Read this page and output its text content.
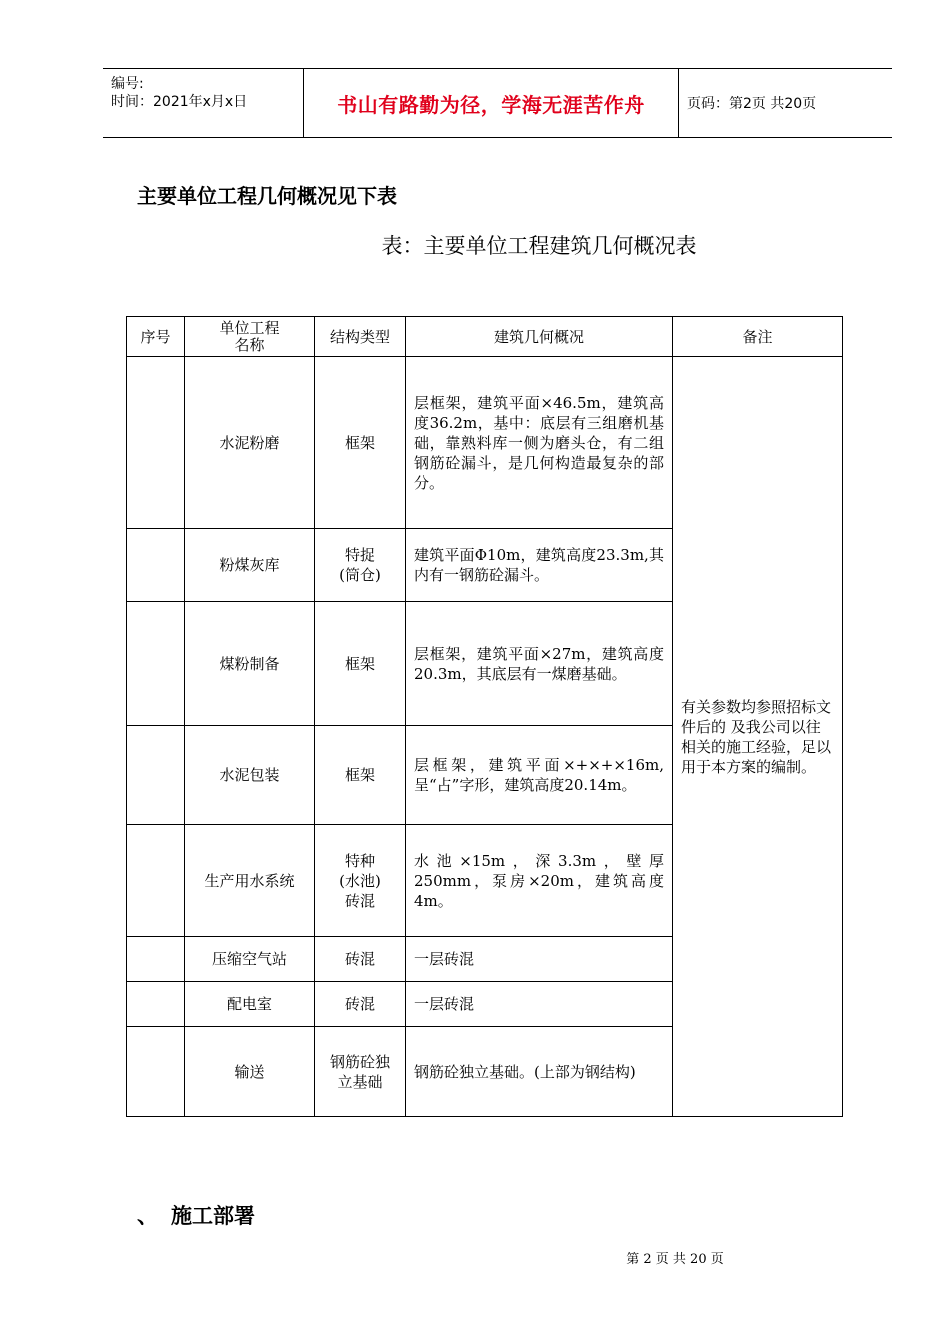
编号:
时间：2021年x月x日	书山有路勤为径，学海无涯苦作舟	页码：第2页 共20页
主要单位工程几何概况见下表
表：主要单位工程建筑几何概况表
序号	单位工程名称	结构类型	建筑几何概况	备注
	水泥粉磨	框架	层框架，建筑平面×46.5m，建筑高度36.2m，基中：底层有三组磨机基础，靠熟料库一侧为磨头仓，有二组钢筋砼漏斗，是几何构造最复杂的部分。	有关参数均参照招标文件后的 及我公司以往相关的施工经验，足以用于本方案的编制。
	粉煤灰库	特捉(筒仓)	建筑平面Φ10m，建筑高度23.3m,其内有一钢筋砼漏斗。	
	煤粉制备	框架	层框架，建筑平面×27m，建筑高度20.3m，其底层有一煤磨基础。	
	水泥包装	框架	层框架，建筑平面×+×+×16m,呈“占”字形，建筑高度20.14m。	
	生产用水系统	特种(水池)砖混	水池×15m，深3.3m，壁厚250mm，泵房×20m，建筑高度4m。	
	压缩空气站	砖混	一层砖混	
	配电室	砖混	一层砖混	
	输送	钢筋砼独立基础	钢筋砼独立基础。(上部为钢结构)	
、 施工部署
第 2 页 共 20 页
